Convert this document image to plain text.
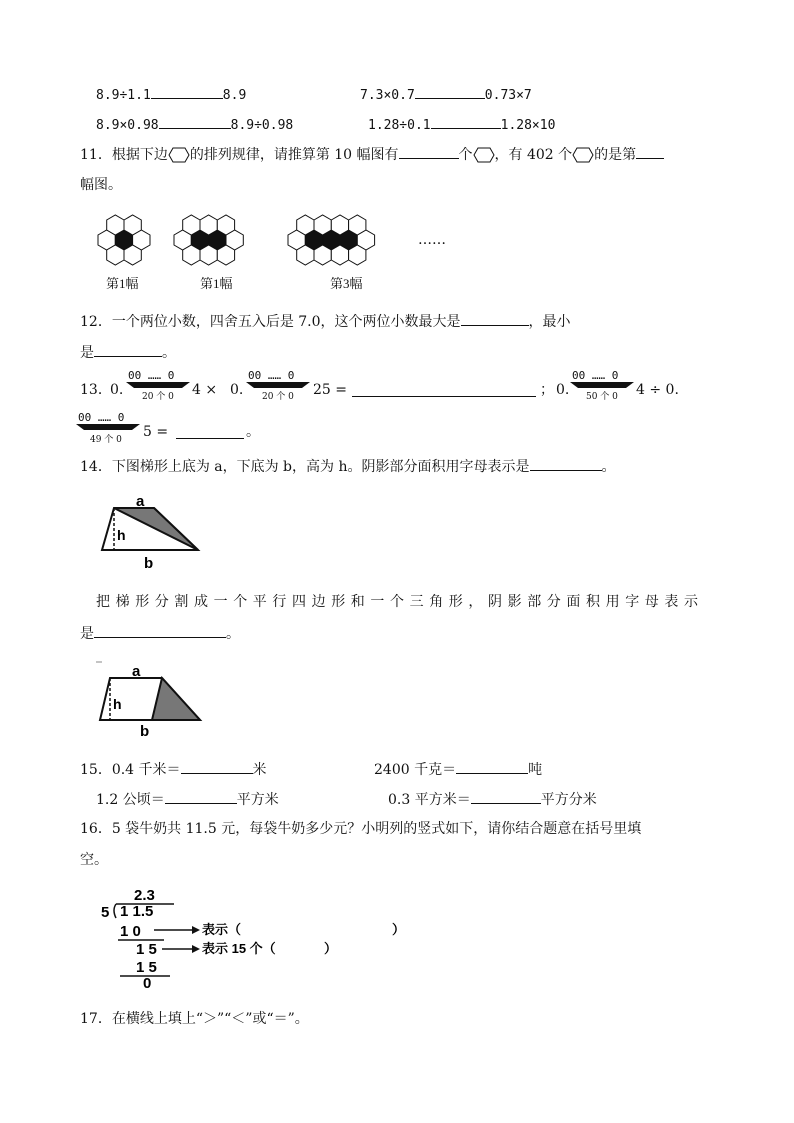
8.9÷1.1	8.9	7.3×0.7	0.73×7
8.9×0.98	8.9÷0.98	1.28÷0.1	1.28×10
11．根据下边 的排列规律，请推算第 10 幅图有	个 ，有 402 个 的是第
幅图。
……
第1幅	第1幅	第3幅
12．一个两位小数，四舍五入后是 7.0，这个两位小数最大是	，最小
是	。
13．
0.
00 …… 0
20 个 0 4 × 0.
00 …… 0
20 个 0 25 =	； 0.
00 …… 0
50 个 0 4 ÷ 0.
00 …… 0
49 个 0 5 =	。
14．下图梯形上底为 a，下底为 b，高为 h。阴影部分面积用字母表示是	。
a
h
b
把梯形分割成一个平行四边形和一个三角形，阴影部分面积用字母表示
是	。
a
h
b
15．0.4 千米＝	米	2400 千克＝	吨
1.2 公顷＝	平方米	0.3 平方米＝	平方分米
16．5 袋牛奶共 11.5 元，每袋牛奶多少元？小明列的竖式如下，请你结合题意在括号里填
空。
2.3
5 1 1.5
1 0
1 5
1 5
0
表示（	）
表示 15 个（	）
17．在横线上填上“＞”“＜”或“＝”。
